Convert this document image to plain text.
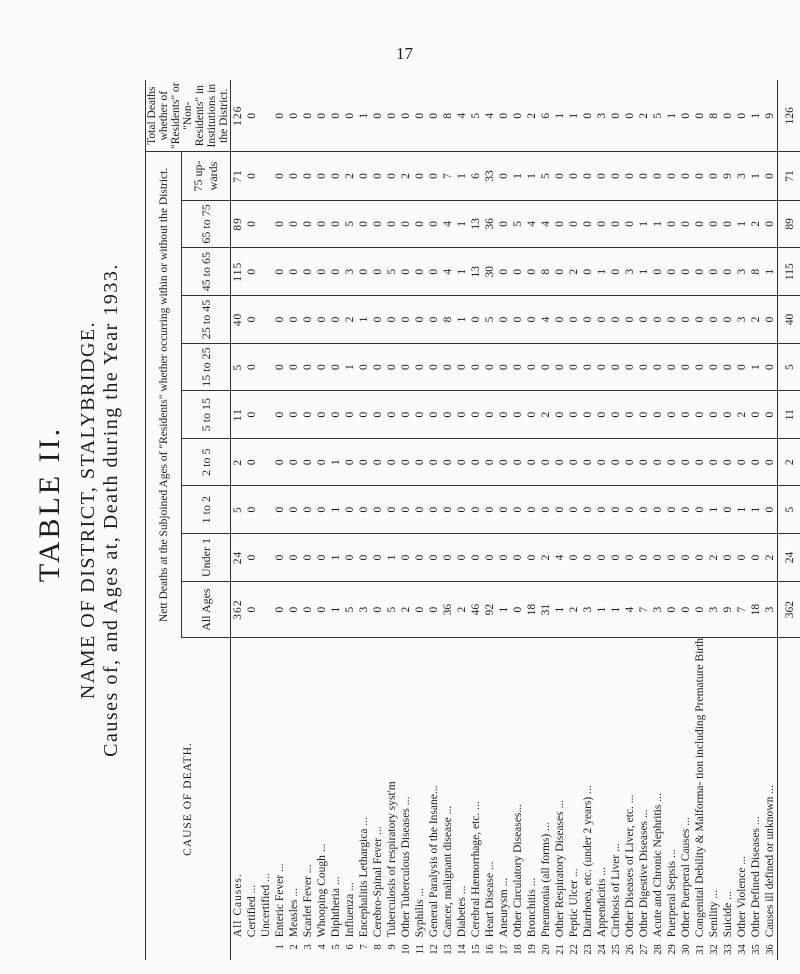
17
TABLE II. NAME OF DISTRICT, STALYBRIDGE. Causes of, and Ages at, Death during the Year 1933.
CAUSE OF DEATH.		Nett Deaths at the Subjoined Ages of "Residents" whether occurring within or without the District.										Total Deaths whether of "Residents" or "Non-Residents" in Institutions in the District.
		All Ages	Under 1	1 to 2	2 to 5	5 to 15	15 to 25	25 to 45	45 to 65	65 to 75	75 up-wards	
	All Causes.	362	24	5	2	11	5	40	115	89	71	126
	Certified ...	0	0	0	0	0	0	0	0	0	0	0
	Uncertified ...											
1	Enteric Fever ...	0	0	0	0	0	0	0	0	0	0	0
2	Measles ...	0	0	0	0	0	0	0	0	0	0	0
3	Scarlet Fever ...	0	0	0	0	0	0	0	0	0	0	0
4	Whooping Cough ...	0	0	0	0	0	0	0	0	0	0	0
5	Diphtheria ...	1	1	1	1	0	0	0	0	0	0	0
6	Influenza ...	5	0	0	0	0	1	2	3	5	2	0
7	Encephalitis Lethargica ...	3	0	0	0	0	0	1	0	0	0	1
8	Cerebro-Spinal Fever ...	0	0	0	0	0	0	0	0	0	0	0
9	Tuberculosis of respiratory syst'm	5	1	0	0	0	0	0	5	0	0	0
10	Other Tuberculous Diseases ...	2	0	0	0	0	0	0	0	0	2	0
11	Syphilis ...	0	0	0	0	0	0	0	0	0	0	0
12	General Paralysis of the Insane...	0	0	0	0	0	0	0	0	0	0	0
13	Cancer, malignant disease ...	36	0	0	0	0	0	8	4	4	7	8
14	Diabetes ...	2	0	0	0	0	0	1	1	1	1	4
15	Cerebral Hæmorrhage, etc. ...	46	0	0	0	0	0	0	13	13	6	5
16	Heart Disease ...	92	0	0	0	0	0	5	30	36	33	4
17	Aneurysm ...	1	0	0	0	0	0	0	0	0	0	0
18	Other Circulatory Diseases...	0	0	0	0	0	0	0	0	5	1	0
19	Bronchitis ...	18	0	0	0	0	0	0	0	4	1	2
20	Pneumonia (all forms) ...	31	2	0	0	2	0	4	8	4	5	6
21	Other Respiratory Diseases ...	1	4	0	0	0	0	0	0	0	0	1
22	Peptic Ulcer ...	2	0	0	0	0	0	0	2	0	0	1
23	Diarrhoea, etc. (under 2 years) ...	3	0	0	0	0	0	0	0	0	0	0
24	Appendicitis ...	1	0	0	0	0	0	0	1	0	0	3
25	Cirrhosis of Liver ...	1	0	0	0	0	0	0	0	0	0	0
26	Other Diseases of Liver, etc. ...	4	0	0	0	0	0	0	3	0	0	0
27	Other Digestive Diseases ...	7	0	0	0	0	0	0	1	1	0	2
28	Acute and Chronic Nephritis ...	3	0	0	0	0	0	0	0	1	0	5
29	Puerperal Sepsis ...	0	0	0	0	0	0	0	0	0	0	1
30	Other Puerperal Causes ...	0	0	0	0	0	0	0	0	0	0	0
31	Congenital Debility & Malforma- tion including Premature Birth	0	0	0	0	0	0	0	0	0	0	0
32	Senility ...	3	2	1	0	0	0	0	0	0	0	8
33	Suicide ...	9	0	0	0	0	0	0	0	0	9	0
34	Other Violence ...	7	0	1	0	2	0	3	3	1	3	0
35	Other Defined Diseases ...	18	0	1	0	0	1	2	8	2	1	1
36	Causes ill defined or unknown ...	3	2	0	0	0	0	0	1	0	0	9
		362	24	5	2	11	5	40	115	89	71	126
